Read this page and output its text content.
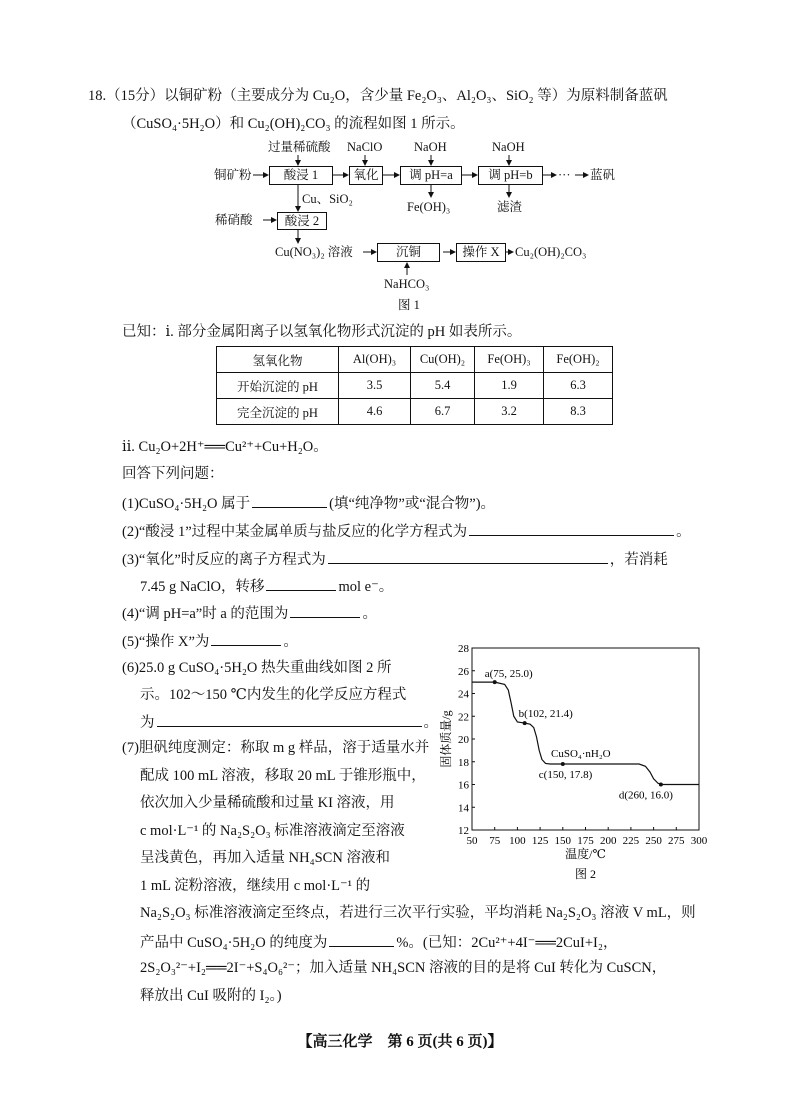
18.（15分）以铜矿粉（主要成分为 Cu₂O，含少量 Fe₂O₃、Al₂O₃、SiO₂ 等）为原料制备蓝矾
（CuSO₄·5H₂O）和 Cu₂(OH)₂CO₃ 的流程如图 1 所示。
已知：ⅰ. 部分金属阳离子以氢氧化物形式沉淀的 pH 如表所示。
ⅱ. Cu₂O+2H⁺══Cu²⁺+Cu+H₂O。
回答下列问题：
(1)CuSO₄·5H₂O 属于	(填“纯净物”或“混合物”)。
(2)“酸浸 1”过程中某金属单质与盐反应的化学方程式为	。
(3)“氧化”时反应的离子方程式为	，若消耗
7.45 g NaClO，转移	mol e⁻。
(4)“调 pH=a”时 a 的范围为	。
(5)“操作 X”为	。
(6)25.0 g CuSO₄·5H₂O 热失重曲线如图 2 所
示。102～150 ℃内发生的化学反应方程式
为	。
(7)胆矾纯度测定：称取 m g 样品，溶于适量水并
配成 100 mL 溶液，移取 20 mL 于锥形瓶中，
依次加入少量稀硫酸和过量 KI 溶液，用
c mol·L⁻¹ 的 Na₂S₂O₃ 标准溶液滴定至溶液
呈浅黄色，再加入适量 NH₄SCN 溶液和
1 mL 淀粉溶液，继续用 c mol·L⁻¹ 的
Na₂S₂O₃ 标准溶液滴定至终点，若进行三次平行实验，平均消耗 Na₂S₂O₃ 溶液 V mL，则
产品中 CuSO₄·5H₂O 的纯度为	%。(已知：2Cu²⁺+4I⁻══2CuI+I₂，
2S₂O₃²⁻+I₂══2I⁻+S₄O₆²⁻；加入适量 NH₄SCN 溶液的目的是将 CuI 转化为 CuSCN，
释放出 CuI 吸附的 I₂。)
过量稀硫酸 NaClO	NaOH	NaOH
铜矿粉	酸浸 1	氧化	调 pH=a	调 pH=b	··· 蓝矾
Fe(OH)₃	滤渣
Cu、SiO₂
稀硝酸	酸浸 2
Cu(NO₃)₂ 溶液	沉铜	操作 X	Cu₂(OH)₂CO₃
NaHCO₃
图 1
氢氧化物	Al(OH)₃	Cu(OH)₂	Fe(OH)₃	Fe(OH)₂
开始沉淀的 pH	3.5	5.4	1.9	6.3
完全沉淀的 pH	4.6	6.7	3.2	8.3
50 75 100 125 150 175 200 225 250 275 300
12
14
16
18
20
22
24
26
28
温度/℃
固体质量/g
a(75, 25.0)
b(102, 21.4)
c(150, 17.8)
d(260, 16.0)
CuSO₄·nH₂O
图 2
【高三化学　第 6 页(共 6 页)】
